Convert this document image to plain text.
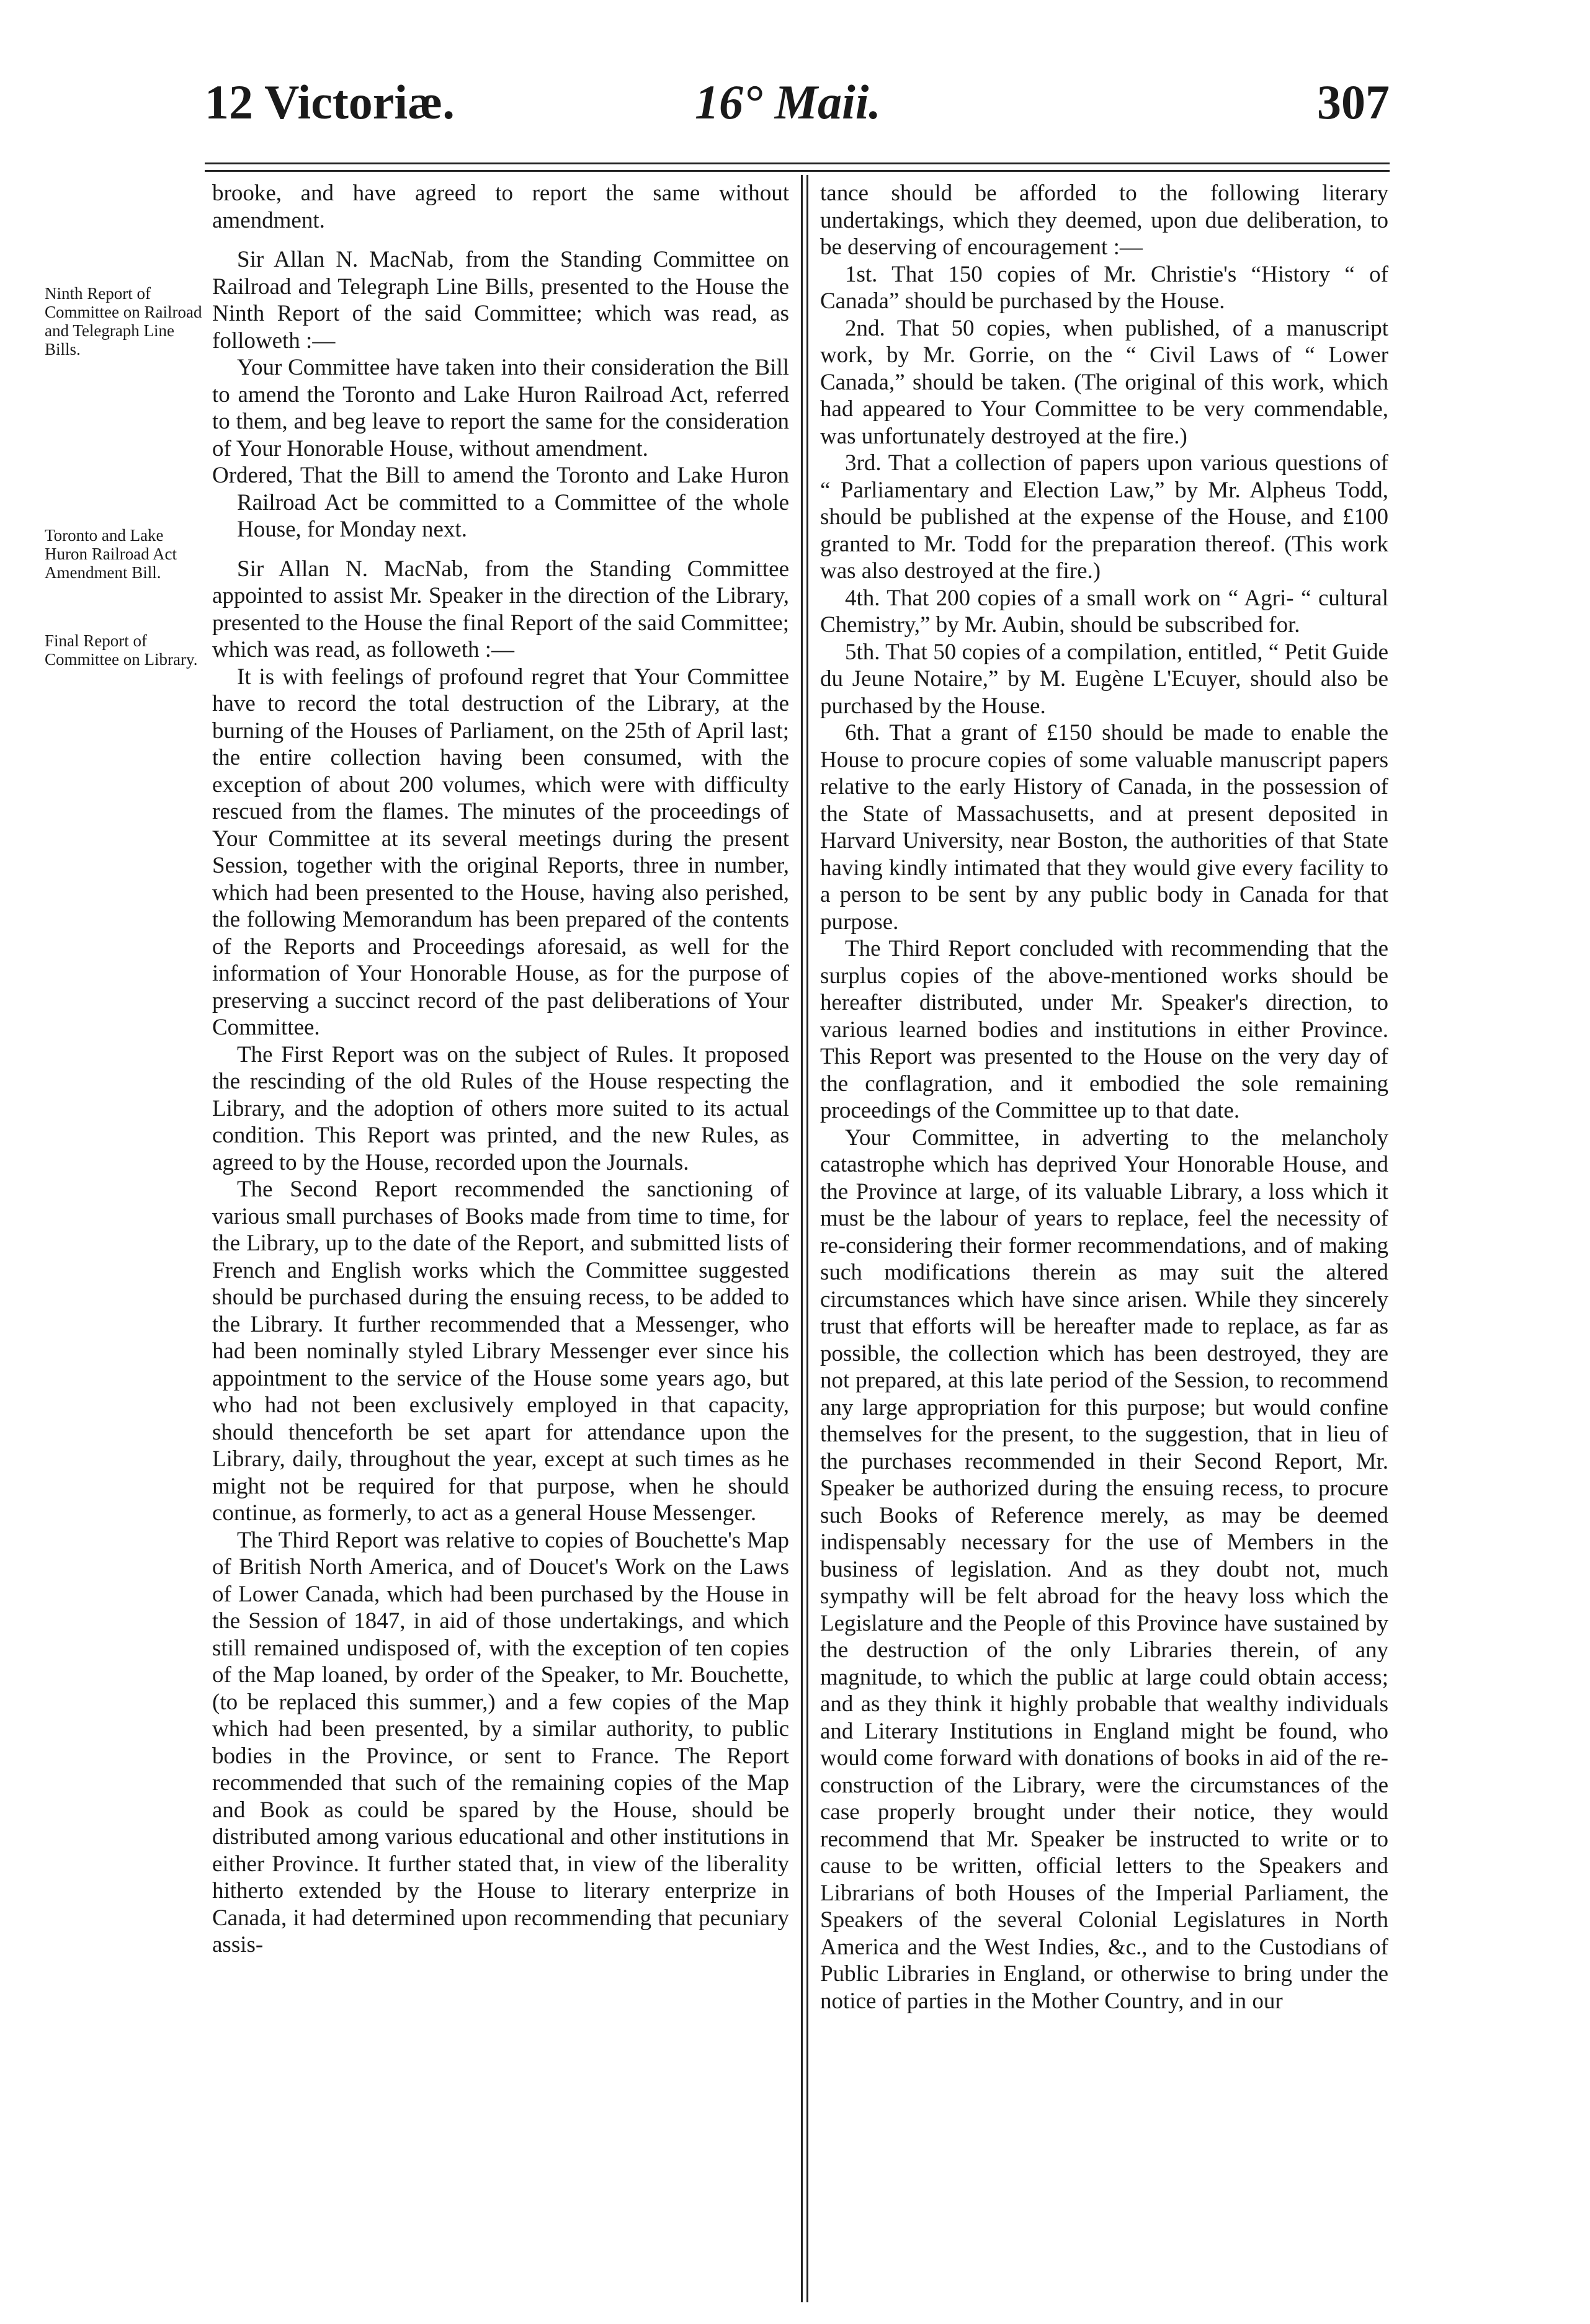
12 Victoriæ.	16° Maii.	307
Ninth Report of Committee on Railroad and Telegraph Line Bills.
Toronto and Lake Huron Railroad Act Amendment Bill.
Final Report of Committee on Library.

brooke, and have agreed to report the same without amendment.

Sir Allan N. MacNab, from the Standing Committee on Railroad and Telegraph Line Bills, presented to the House the Ninth Report of the said Committee; which was read, as followeth :—

Your Committee have taken into their consideration the Bill to amend the Toronto and Lake Huron Railroad Act, referred to them, and beg leave to report the same for the consideration of Your Honorable House, without amendment.

Ordered, That the Bill to amend the Toronto and Lake Huron Railroad Act be committed to a Committee of the whole House, for Monday next.

Sir Allan N. MacNab, from the Standing Committee appointed to assist Mr. Speaker in the direction of the Library, presented to the House the final Report of the said Committee; which was read, as followeth :—

It is with feelings of profound regret that Your Committee have to record the total destruction of the Library, at the burning of the Houses of Parliament, on the 25th of April last; the entire collection having been consumed, with the exception of about 200 volumes, which were with difficulty rescued from the flames. The minutes of the proceedings of Your Committee at its several meetings during the present Session, together with the original Reports, three in number, which had been presented to the House, having also perished, the following Memorandum has been prepared of the contents of the Reports and Proceedings aforesaid, as well for the information of Your Honorable House, as for the purpose of preserving a succinct record of the past deliberations of Your Committee.

The First Report was on the subject of Rules. It proposed the rescinding of the old Rules of the House respecting the Library, and the adoption of others more suited to its actual condition. This Report was printed, and the new Rules, as agreed to by the House, recorded upon the Journals.

The Second Report recommended the sanctioning of various small purchases of Books made from time to time, for the Library, up to the date of the Report, and submitted lists of French and English works which the Committee suggested should be purchased during the ensuing recess, to be added to the Library. It further recommended that a Messenger, who had been nominally styled Library Messenger ever since his appointment to the service of the House some years ago, but who had not been exclusively employed in that capacity, should thenceforth be set apart for attendance upon the Library, daily, throughout the year, except at such times as he might not be required for that purpose, when he should continue, as formerly, to act as a general House Messenger.

The Third Report was relative to copies of Bouchette's Map of British North America, and of Doucet's Work on the Laws of Lower Canada, which had been purchased by the House in the Session of 1847, in aid of those undertakings, and which still remained undisposed of, with the exception of ten copies of the Map loaned, by order of the Speaker, to Mr. Bouchette, (to be replaced this summer,) and a few copies of the Map which had been presented, by a similar authority, to public bodies in the Province, or sent to France. The Report recommended that such of the remaining copies of the Map and Book as could be spared by the House, should be distributed among various educational and other institutions in either Province. It further stated that, in view of the liberality hitherto extended by the House to literary enterprize in Canada, it had determined upon recommending that pecuniary assis-

tance should be afforded to the following literary undertakings, which they deemed, upon due deliberation, to be deserving of encouragement :—

1st. That 150 copies of Mr. Christie's “History “ of Canada” should be purchased by the House.

2nd. That 50 copies, when published, of a manuscript work, by Mr. Gorrie, on the “ Civil Laws of “ Lower Canada,” should be taken. (The original of this work, which had appeared to Your Committee to be very commendable, was unfortunately destroyed at the fire.)

3rd. That a collection of papers upon various questions of “ Parliamentary and Election Law,” by Mr. Alpheus Todd, should be published at the expense of the House, and £100 granted to Mr. Todd for the preparation thereof. (This work was also destroyed at the fire.)

4th. That 200 copies of a small work on “ Agri- “ cultural Chemistry,” by Mr. Aubin, should be subscribed for.

5th. That 50 copies of a compilation, entitled, “ Petit Guide du Jeune Notaire,” by M. Eugène L'Ecuyer, should also be purchased by the House.

6th. That a grant of £150 should be made to enable the House to procure copies of some valuable manuscript papers relative to the early History of Canada, in the possession of the State of Massachusetts, and at present deposited in Harvard University, near Boston, the authorities of that State having kindly intimated that they would give every facility to a person to be sent by any public body in Canada for that purpose.

The Third Report concluded with recommending that the surplus copies of the above-mentioned works should be hereafter distributed, under Mr. Speaker's direction, to various learned bodies and institutions in either Province. This Report was presented to the House on the very day of the conflagration, and it embodied the sole remaining proceedings of the Committee up to that date.

Your Committee, in adverting to the melancholy catastrophe which has deprived Your Honorable House, and the Province at large, of its valuable Library, a loss which it must be the labour of years to replace, feel the necessity of re-considering their former recommendations, and of making such modifications therein as may suit the altered circumstances which have since arisen. While they sincerely trust that efforts will be hereafter made to replace, as far as possible, the collection which has been destroyed, they are not prepared, at this late period of the Session, to recommend any large appropriation for this purpose; but would confine themselves for the present, to the suggestion, that in lieu of the purchases recommended in their Second Report, Mr. Speaker be authorized during the ensuing recess, to procure such Books of Reference merely, as may be deemed indispensably necessary for the use of Members in the business of legislation. And as they doubt not, much sympathy will be felt abroad for the heavy loss which the Legislature and the People of this Province have sustained by the destruction of the only Libraries therein, of any magnitude, to which the public at large could obtain access; and as they think it highly probable that wealthy individuals and Literary Institutions in England might be found, who would come forward with donations of books in aid of the re-construction of the Library, were the circumstances of the case properly brought under their notice, they would recommend that Mr. Speaker be instructed to write or to cause to be written, official letters to the Speakers and Librarians of both Houses of the Imperial Parliament, the Speakers of the several Colonial Legislatures in North America and the West Indies, &c., and to the Custodians of Public Libraries in England, or otherwise to bring under the notice of parties in the Mother Country, and in our
